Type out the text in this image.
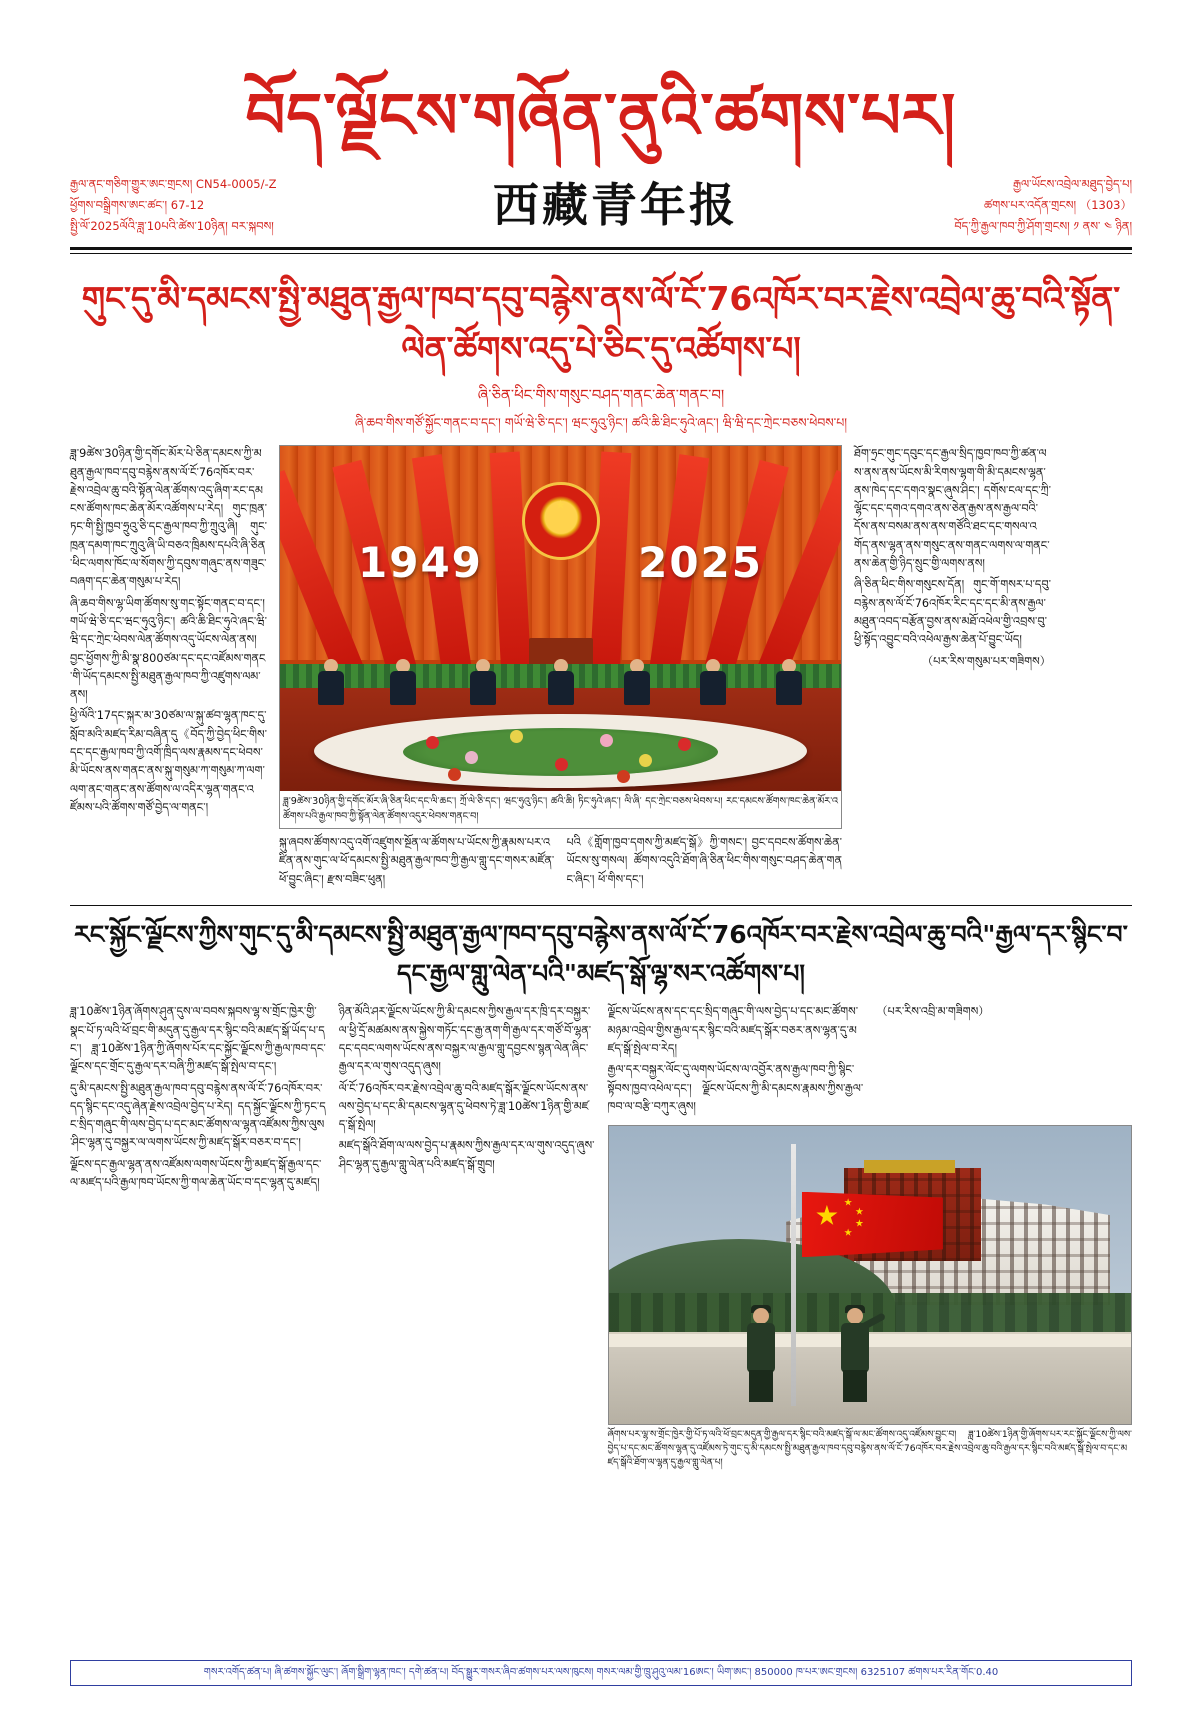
བོད་ལྗོངས་གཞོན་ནུའི་ཚགས་པར།
རྒྱལ་ནང་གཅིག་གྱུར་ཨང་གྲངས། CN54-0005/-Z
ཕྱོགས་བསྒྲིགས་ཨང་ཚང་། 67-12
སྤྱི་ལོ་2025ལོའི་ཟླ་10པའི་ཚེས་10ཉིན། བར་སྐབས།	西藏青年报	རྒྱལ་ཡོངས་འབྲེལ་མཐུད་བྱེད་པ།
ཚགས་པར་འདོན་གྲངས། （1303）
བོད་ཀྱི་རྒྱལ་ཁབ་ཀྱི་ཤོག་གྲངས། ༡ ནས་ ༤ ཉིན།
གུང་དུ་མི་དམངས་སྤྱི་མཐུན་རྒྱལ་ཁབ་དབུ་བརྙེས་ནས་ལོ་ངོ་76འཁོར་བར་རྗེས་འབྲེལ་ཆུ་བའི་སྟོན་ལེན་ཚོགས་འདུ་པེ་ཅིང་དུ་འཚོགས་པ།
ཞི་ཅིན་ཕིང་གིས་གསུང་བཤད་གནང་ཆེན་གནང་བ།
ཞི་ཆབ་གིས་གཙོ་སྐྱོང་གནང་བ་དང་། གཡོ་ཝེ་ཅི་དང་། ཝང་ཧུའུ་ཉིང་། ཚའི་ཆི་ཐིང་ཧུའེ་ཞང་། ཝི་ཝི་དང་ཀྲེང་བཅས་ཕེབས་པ།

ཟླ་9ཚེས་30ཉིན་གྱི་དགོང་མོར་པེ་ཅིན་དམངས་ཀྱི་མཐུན་རྒྱལ་ཁབ་དབུ་བརྙེས་ནས་ལོ་ངོ་76འཁོར་བར་རྗེས་འབྲེལ་ཆུ་བའི་སྟོན་ལེན་ཚོགས་འདུ་ཞིག་རང་དམངས་ཚོགས་ཁང་ཆེན་མོར་འཚོགས་པ་རེད། གུང་ཁྲན་ཏང་གི་སྤྱི་ཁྱབ་ཧྲུའུ་ཅི་དང་རྒྱལ་ཁབ་ཀྱི་ཀྲུའུ་ཞི། གུང་ཁྲན་དམག་ཁང་ཀྲུའུ་ཞི་ཡི་བཅའ་ཁྲིམས་དཔའི་ཞི་ཅིན་ཕིང་ལགས་ཁོང་ལ་སོགས་ཀྱི་དབུས་གཞུང་ནས་གཟུང་བཞག་དང་ཆེན་གསུམ་པ་རེད།

ཞི་ཆབ་གིས་ལྷ་ཡིག་ཚོགས་སུ་གང་སྟོང་གནང་བ་དང་། གཡོ་ཝེ་ཅི་དང་ཝང་ཧུའུ་ཉིང་། ཚའི་ཆི་ཐིང་ཧུའེ་ཞང་ཝི་ཝི་དང་ཀྲེང་ཕེབས་ལེན་ཚོགས་འདུ་ཡོངས་ལེན་ནས། བྱང་ཕྱོགས་ཀྱི་མི་སྣ་800ཙམ་དང་དང་འཛོམས་གནང་གི་ཡོད་དམངས་སྤྱི་མཐུན་རྒྱལ་ཁབ་ཀྱི་འཛུགས་ལམ་ནས།

ཕྱི་ལོའི་17དང་སྐར་མ་30ཙམ་ལ་སྐུ་ཚབ་ལྷན་ཁང་དུ་སློབ་མའི་མཛད་རིམ་བཞིན་དུ《བོད་ཀྱི་བྱེད་ཕིང་གིས་དང་དང་རྒྱལ་ཁབ་ཀྱི་འགོ་ཁྲིད་ལས་རྣམས་དང་ཕེབས་མི་ཡོངས་ནས་གནང་ནས་སྐུ་གསུམ་ཀ་གསུམ་ཀ་ལག་ལག་ནང་གནང་ནས་ཚོགས་ལ་འདིར་ལྷན་གནང་འཛོམས་པའི་ཚོགས་གཙོ་བྱེད་ལ་གནང་།

1949	2025
ཟླ་9ཚེས་30ཉིན་གྱི་དགོང་མོར་ཞི་ཅིན་ཕིང་དང་ལི་ཆང་། ཀྲོ་ལེ་ཅི་དང་། ཝང་ཧུའུ་ཉིང་། ཚའི་ཆི། ཏིང་ཧུའེ་ཞང་། ལི་ཞི་ དང་ཀྲེང་བཅས་ཕེབས་པ། རང་དམངས་ཚོགས་ཁང་ཆེན་མོར་འཚོགས་པའི་རྒྱལ་ཁབ་ཀྱི་སྟོན་ལེན་ཚོགས་འདུར་ཕེབས་གནང་བ།
སྐུ་ཞབས་ཚོགས་འདུ་འགོ་འཛུགས་སྔོན་ལ་ཚོགས་པ་ཡོངས་ཀྱི་རྣམས་པར་འཛིན་ནས་གུང་ལ་ཕོ་དམངས་སྤྱི་མཐུན་རྒྱལ་ཁབ་ཀྱི་རྒྱལ་གླུ་དང་གསར་མཛོན་ཕོ་བྱུང་ཞིང་། རྫས་བཟིང་ཕུན།
པའི《གློག་ཁྱབ་དགས་ཀྱི་མཛད་སྒོ》ཀྱི་གསང་། བྱང་དབངས་ཚོགས་ཆེན་ཡོངས་སུ་གསལ། ཚོགས་འདུའི་ཐོག་ཞི་ཅིན་ཕིང་གིས་གསུང་བཤད་ཆེན་གནང་ཞིང་། ཕོ་གིས་དང་།

ཐོག་ཧྲང་གུང་དབུང་དང་རྒྱལ་སྲིད་ཁྱབ་ཁབ་ཀྱི་ཚན་ལས་ནས་ནས་ཡོངས་མི་རིགས་ལྷག་གི་མི་དམངས་ལྷན་ནས་ཁེད་དང་དགའ་སྣང་ཞུས་ཤིང་། དགོས་ངལ་དང་ཀྲི་ལྷོང་དང་དགའ་དགའ་ནས་ཅེན་རྒྱས་ནས་རྒྱལ་བའི་དོས་ནས་བསམ་ནས་ནས་གཙོའི་ཐང་དང་གསལ་འགོད་ནས་ལྷན་ནས་གསུང་ནས་གནང་ལགས་ལ་གནང་ནས་ཆེན་གྱི་ཉིད་སྲུང་གྱི་ལགས་ནས།

ཞི་ཅིན་ཕིང་གིས་གསུངས་དོན། གུང་གོ་གསར་པ་དབུ་བརྙེས་ནས་ལོ་ངོ་76འཁོར་རིང་དང་དང་མི་ནས་རྒྱལ་མཐུན་འབད་བརྩོན་བྱས་ནས་མཐོ་འཕེལ་གྱི་འབྲས་བུ་ཕྱི་སྟོད་འབྱུང་བའི་འཕེལ་རྒྱས་ཆེན་པོ་བྱུང་ཡོད།

（པར་རིས་གསུམ་པར་གཟིགས）

རང་སྐྱོང་ལྗོངས་ཀྱིས་གུང་དུ་མི་དམངས་སྤྱི་མཐུན་རྒྱལ་ཁབ་དབུ་བརྙེས་ནས་ལོ་ངོ་76འཁོར་བར་རྗེས་འབྲེལ་ཆུ་བའི"རྒྱལ་དར་སྙིང་བ་དང་རྒྱལ་གླུ་ལེན་པའི"མཛད་སྒོ་ལྷ་སར་འཚོགས་པ།

ཟླ་10ཚེས་1ཉིན་ཞོགས་ཤུན་དུས་ལ་བབས་སྐབས་ལྷ་ས་གྲོང་ཁྱེར་གྱི་སྣང་པོ་ཏ་ལའི་ཕོ་བྲང་གི་མདུན་དུ་རྒྱལ་དར་སྙིང་བའི་མཛད་སྒོ་ཡོད་པ་དང་། ཟླ་10ཚེས་1ཉིན་ཀྱི་ཞོགས་པོར་དང་སྐྱོང་ལྗོངས་ཀྱི་རྒྱལ་ཁབ་དང་ལྗོངས་དང་གྲོང་དུ་རྒྱལ་དར་བཞི་ཀྱི་མཛད་སྒོ་སྤེལ་བ་དང་།

དུ་མི་དམངས་སྤྱི་མཐུན་རྒྱལ་ཁབ་དབུ་བརྙེས་ནས་ལོ་ངོ་76འཁོར་བར་དད་སྙིང་དང་འདུ་ཞེན་རྗེས་འབྲེལ་བྱེད་པ་རེད། དད་སྐྱོང་ལྗོངས་ཀྱི་ཏང་དང་སྲིད་གཞུང་གི་ལས་བྱེད་པ་དང་མང་ཚོགས་ལ་ལྷན་འཛོམས་ཀྱིས་ལུས་ཤིང་ལྷན་དུ་བསྐྱར་ལ་ལགས་ཡོངས་ཀྱི་མཛད་སྒོར་བཅར་བ་དང་།

ལྗོངས་དང་རྒྱལ་ལྷན་ནས་འཛོམས་ལགས་ཡོངས་ཀྱི་མཛད་སྒོ་རྒྱལ་དང་ལ་མཛད་པའི་རྒྱལ་ཁབ་ཡོངས་ཀྱི་གལ་ཆེན་ཡོང་བ་དང་ལྷན་དུ་མཛད།

ཉིན་མོའི་ཤར་ལྗོངས་ཡོངས་ཀྱི་མི་དམངས་ཀྱིས་རྒྱལ་དར་ཁྲི་དར་བསྐྱར་ལ་ཕྱི་དྲོ་མཚམས་ནས་སྐྱེས་གཏོང་དང་རྒྱ་ནག་གི་རྒྱལ་དར་གཙོ་བོ་ལྷན་དང་དབང་ལགས་ཡོངས་ནས་བསྐྱར་ལ་རྒྱལ་གླུ་དབྱངས་སྙན་ལེན་ཞིང་རྒྱལ་དར་ལ་གུས་འདུད་ཞུས།

ལོ་ངོ་76འཁོར་བར་རྗེས་འབྲེལ་ཆུ་བའི་མཛད་སྒོར་ལྗོངས་ཡོངས་ནས་ལས་བྱེད་པ་དང་མི་དམངས་ལྷན་དུ་ཕེབས་ཏེ་ཟླ་10ཚེས་1ཉིན་གྱི་མཛད་སྒོ་སྤེལ།

མཛད་སྒོའི་ཐོག་ལ་ལས་བྱེད་པ་རྣམས་ཀྱིས་རྒྱལ་དར་ལ་གུས་འདུད་ཞུས་ཤིང་ལྷན་དུ་རྒྱལ་གླུ་ལེན་པའི་མཛད་སྒོ་གྲུབ།

ལྗོངས་ཡོངས་ནས་དང་དང་སྲིད་གཞུང་གི་ལས་བྱེད་པ་དང་མང་ཚོགས་མཉམ་འབྲེལ་གྱིས་རྒྱལ་དར་སྙིང་བའི་མཛད་སྒོར་བཅར་ནས་ལྷན་དུ་མཛད་སྒོ་སྤེལ་བ་རེད།

རྒྱལ་དར་བསྐྱར་ལོང་དུ་ལགས་ཡོངས་ལ་འབྱོར་ནས་རྒྱལ་ཁབ་ཀྱི་སྙིང་སྟོབས་ཁྱབ་འཕེལ་དང་། ལྗོངས་ཡོངས་ཀྱི་མི་དམངས་རྣམས་ཀྱིས་རྒྱལ་ཁབ་ལ་བརྩི་བཀུར་ཞུས།

（པར་རིས་འབྲི་མ་གཟིགས）

ཞོགས་པར་ལྷ་ས་གྲོང་ཁྱེར་གྱི་པོ་ཏ་ལའི་ཕོ་བྲང་མདུན་གྱི་རྒྱལ་དར་སྙིང་བའི་མཛད་སྒོ་ལ་མང་ཚོགས་འདུ་འཛོམས་བྱུང་བ། ཟླ་10ཚེས་1ཉིན་གྱི་ཞོགས་པར་རང་སྐྱོང་ལྗོངས་ཀྱི་ལས་བྱེད་པ་དང་མང་ཚོགས་ལྷན་དུ་འཛོམས་ཏེ་གུང་དུ་མི་དམངས་སྤྱི་མཐུན་རྒྱལ་ཁབ་དབུ་བརྙེས་ནས་ལོ་ངོ་76འཁོར་བར་རྗེས་འབྲེལ་ཆུ་བའི་རྒྱལ་དར་སྙིང་བའི་མཛད་སྒོ་སྤེལ་བ་དང་མཛད་སྒོའི་ཐོག་ལ་ལྷན་དུ་རྒྱལ་གླུ་ལེན་པ།
གསར་འགོད་ཚན་པ། ཞི་ཚགས་སྐྱོང་ལུང་། ཞོག་སྒྲིག་ལྷན་ཁང་། དགེ་ཚན་པ། བོད་སྒྱུར་གསར་ཞིབ་ཚགས་པར་ལས་ཁུངས། གསར་ལམ་གྱི་ཁྲུ་ཤུའུ་ལམ་16ཨང་། ཡིག་ཨང་། 850000 ཁ་པར་ཨང་གྲངས། 6325107 ཚགས་པར་རིན་གོང་0.40
